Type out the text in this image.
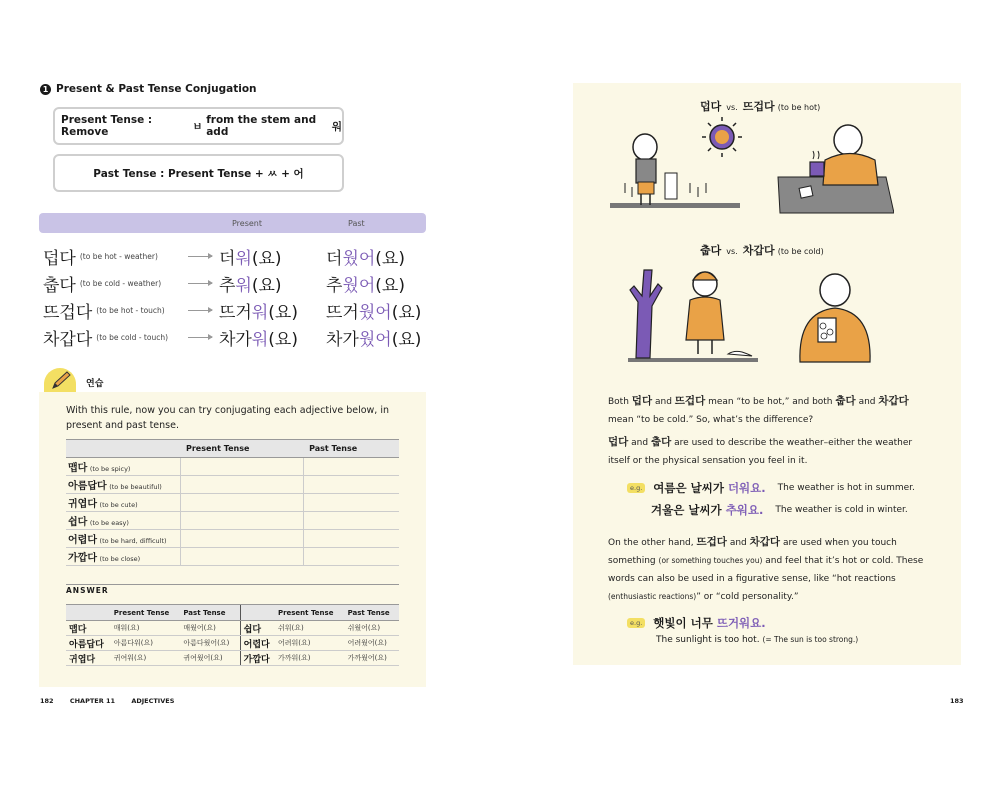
1 Present & Past Tense Conjugation
Present Tense : Remove
	ㅂ

from the stem and add
	워
Past Tense : Present Tense + ㅆ + 어
Present	Past
덥다 (to be hot - weather)	더워(요)	더웠어(요)
춥다 (to be cold - weather)	추워(요)	추웠어(요)
뜨겁다 (to be hot - touch)	뜨거워(요) 뜨거웠어(요)
차갑다 (to be cold - touch)	차가워(요) 차가웠어(요)
연습
With this rule, now you can try conjugating each adjective below, in present and past tense.
	Present Tense	Past Tense
맵다 (to be spicy)		
아름답다 (to be beautiful)		
귀엽다 (to be cute)		
쉽다 (to be easy)		
어렵다 (to be hard, difficult)		
가깝다 (to be close)		
ANSWER
	Present Tense	Past Tense		Present Tense	Past Tense
맵다	매워(요)	매웠어(요)	쉽다	쉬워(요)	쉬웠어(요)
아름답다	아름다워(요)	아름다웠어(요)	어렵다	어려워(요)	어려웠어(요)
귀엽다	귀여워(요)	귀여웠어(요)	가깝다	가까워(요)	가까웠어(요)
182	CHAPTER 11	ADJECTIVES
덥다 vs. 뜨겁다 (to be hot)
춥다 vs. 차갑다 (to be cold)
Both 덥다 and 뜨겁다 mean “to be hot,” and both 춥다 and 차갑다 mean “to be cold.” So, what’s the difference?
덥다 and 춥다 are used to describe the weather–either the weather itself or the physical sensation you feel in it.
e.g. 여름은 날씨가 더워요. The weather is hot in summer.
겨울은 날씨가 추워요. The weather is cold in winter.
On the other hand, 뜨겁다 and 차갑다 are used when you touch something (or something touches you) and feel that it’s hot or cold. These words can also be used in a figurative sense, like “hot reactions (enthusiastic reactions)” or “cold personality.”
e.g. 햇빛이 너무 뜨거워요.
The sunlight is too hot. (= The sun is too strong.)
183
